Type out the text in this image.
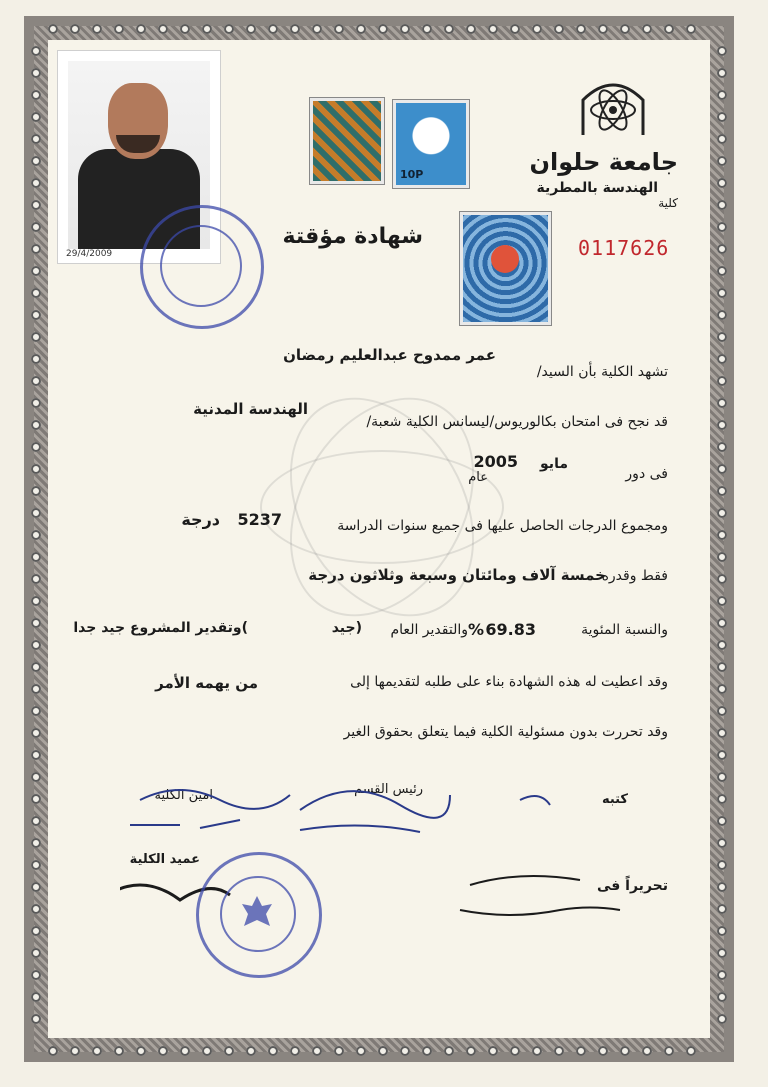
جامعة حلوان
الهندسة بالمطرية
كلية
29/4/2009
10P
شهادة مؤقتة	0117626
عمر ممدوح عبدالعليم رمضان
تشهد الكلية بأن السيد/
الهندسة المدنية
قد نجح فى امتحان بكالوريوس/ليسانس الكلية شعبة/
2005 مايو
عام	فى دور
درجة 5237	ومجموع الدرجات الحاصل عليها فى جميع سنوات الدراسة
خمسة آلاف ومائتان وسبعة وثلاثون درجة
فقط وقدره
والنسبة المئوية
69.83
%
والتقدير العام
(جيد
)وتقدير المشروع جيد جدا
وقد اعطيت له هذه الشهادة بناء على طلبه لتقديمها إلى
من يهمه الأمر
وقد تحررت بدون مسئولية الكلية فيما يتعلق بحقوق الغير
كتبه
رئيس القسم
امين الكلية
عميد الكلية
تحريراً فى
